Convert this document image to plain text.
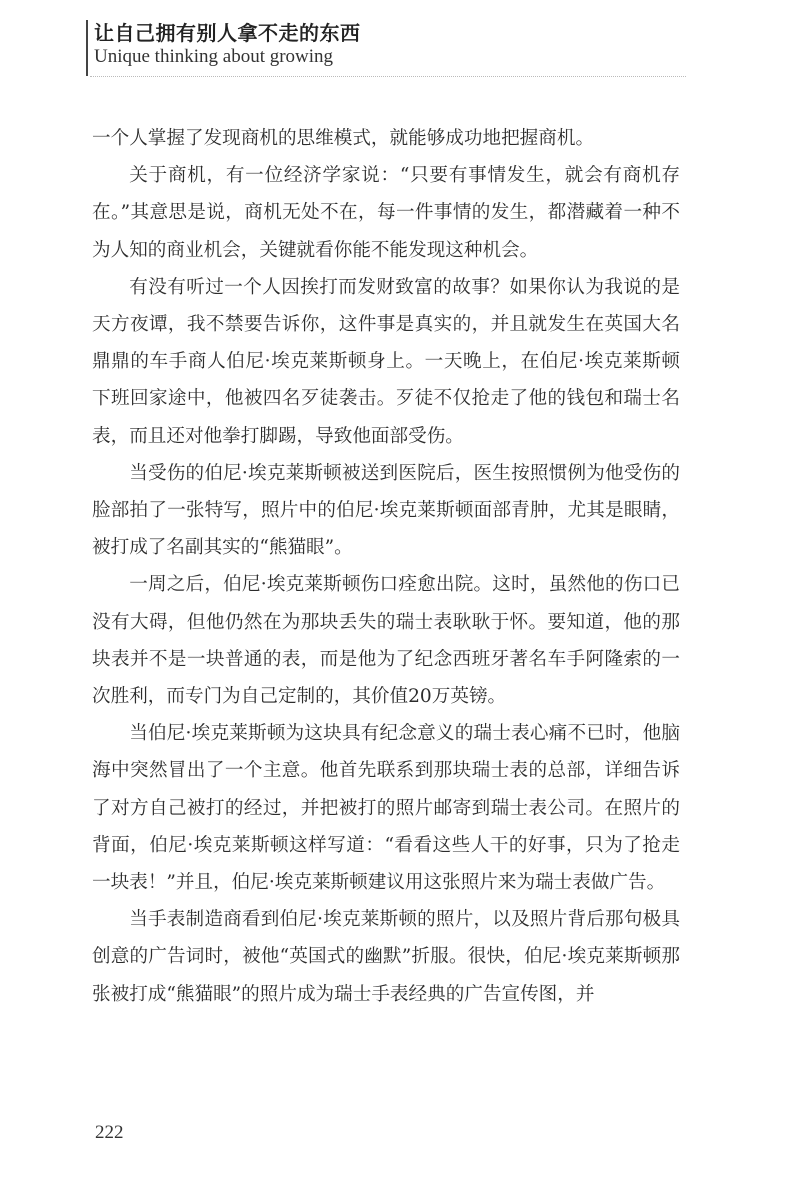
让自己拥有别人拿不走的东西
Unique thinking about growing

一个人掌握了发现商机的思维模式，就能够成功地把握商机。

关于商机，有一位经济学家说：“只要有事情发生，就会有商机存在。”其意思是说，商机无处不在，每一件事情的发生，都潜藏着一种不为人知的商业机会，关键就看你能不能发现这种机会。

有没有听过一个人因挨打而发财致富的故事？如果你认为我说的是天方夜谭，我不禁要告诉你，这件事是真实的，并且就发生在英国大名鼎鼎的车手商人伯尼·埃克莱斯顿身上。一天晚上，在伯尼·埃克莱斯顿下班回家途中，他被四名歹徒袭击。歹徒不仅抢走了他的钱包和瑞士名表，而且还对他拳打脚踢，导致他面部受伤。

当受伤的伯尼·埃克莱斯顿被送到医院后，医生按照惯例为他受伤的脸部拍了一张特写，照片中的伯尼·埃克莱斯顿面部青肿，尤其是眼睛，被打成了名副其实的“熊猫眼”。

一周之后，伯尼·埃克莱斯顿伤口痊愈出院。这时，虽然他的伤口已没有大碍，但他仍然在为那块丢失的瑞士表耿耿于怀。要知道，他的那块表并不是一块普通的表，而是他为了纪念西班牙著名车手阿隆索的一次胜利，而专门为自己定制的，其价值20万英镑。

当伯尼·埃克莱斯顿为这块具有纪念意义的瑞士表心痛不已时，他脑海中突然冒出了一个主意。他首先联系到那块瑞士表的总部，详细告诉了对方自己被打的经过，并把被打的照片邮寄到瑞士表公司。在照片的背面，伯尼·埃克莱斯顿这样写道：“看看这些人干的好事，只为了抢走一块表！”并且，伯尼·埃克莱斯顿建议用这张照片来为瑞士表做广告。

当手表制造商看到伯尼·埃克莱斯顿的照片，以及照片背后那句极具创意的广告词时，被他“英国式的幽默”折服。很快，伯尼·埃克莱斯顿那张被打成“熊猫眼”的照片成为瑞士手表经典的广告宣传图，并

222
